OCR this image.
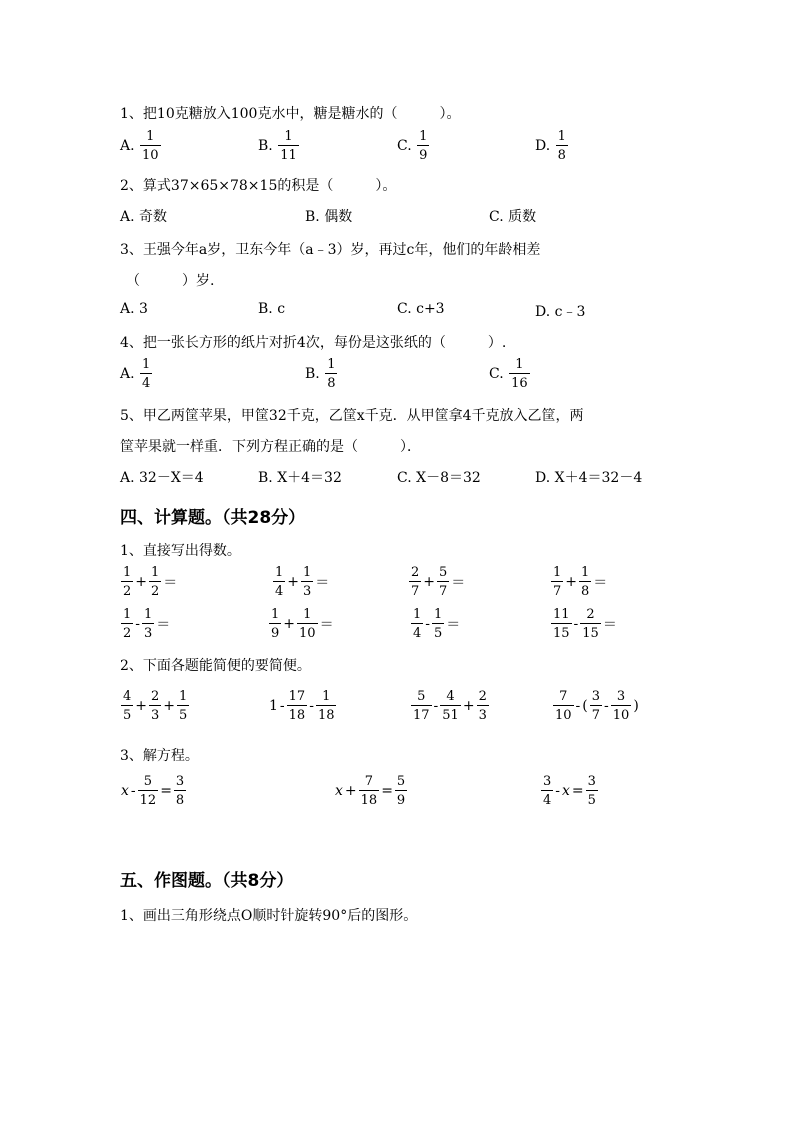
1、把10克糖放入100克水中，糖是糖水的（　　　）。
A.
$\frac{1}{10}$	B.
$\frac{1}{11}$	C.
$\frac{1}{9}$	D.
$\frac{1}{8}$
2、算式37×65×78×15的积是（　　　）。
A. 奇数	B. 偶数	C. 质数
3、王强今年a岁，卫东今年（a﹣3）岁，再过c年，他们的年龄相差
（　　　）岁.
A. 3	B. c	C. c+3	D. c﹣3
4、把一张长方形的纸片对折4次，每份是这张纸的（　　　）.
A.
$\frac{1}{4}$	B.
$\frac{1}{8}$	C.
$\frac{1}{16}$
5、甲乙两筐苹果，甲筐32千克，乙筐x千克．从甲筐拿4千克放入乙筐，两
筐苹果就一样重．下列方程正确的是（　　　）．
A. 32－X＝4	B. X＋4＝32	C. X－8＝32	D. X＋4＝32－4
四、计算题。（共28分）
1、直接写出得数。
$\frac{1}{2} + \frac{1}{2}$ ＝	$\frac{1}{4} + \frac{1}{3}$ ＝	$\frac{2}{7} + \frac{5}{7}$ ＝	$\frac{1}{7} + \frac{1}{8}$ ＝
$\frac{1}{2} - \frac{1}{3}$ ＝	$\frac{1}{9} + \frac{1}{10}$ ＝	$\frac{1}{4} - \frac{1}{5}$ ＝	$\frac{11}{15} - \frac{2}{15}$ ＝
2、下面各题能简便的要简便。
$\frac{4}{5} + \frac{2}{3} + \frac{1}{5}$	$1 - \frac{17}{18} - \frac{1}{18}$	$\frac{5}{17} - \frac{4}{51} + \frac{2}{3}$	$\frac{7}{10}$ - ( $\frac{3}{7} - \frac{3}{10}$ )
3、解方程。
$x - \frac{5}{12} = \frac{3}{8}$	$x + \frac{7}{18} = \frac{5}{9}$	$\frac{3}{4} - x = \frac{3}{5}$
五、作图题。（共8分）
1、画出三角形绕点O顺时针旋转90°后的图形。
